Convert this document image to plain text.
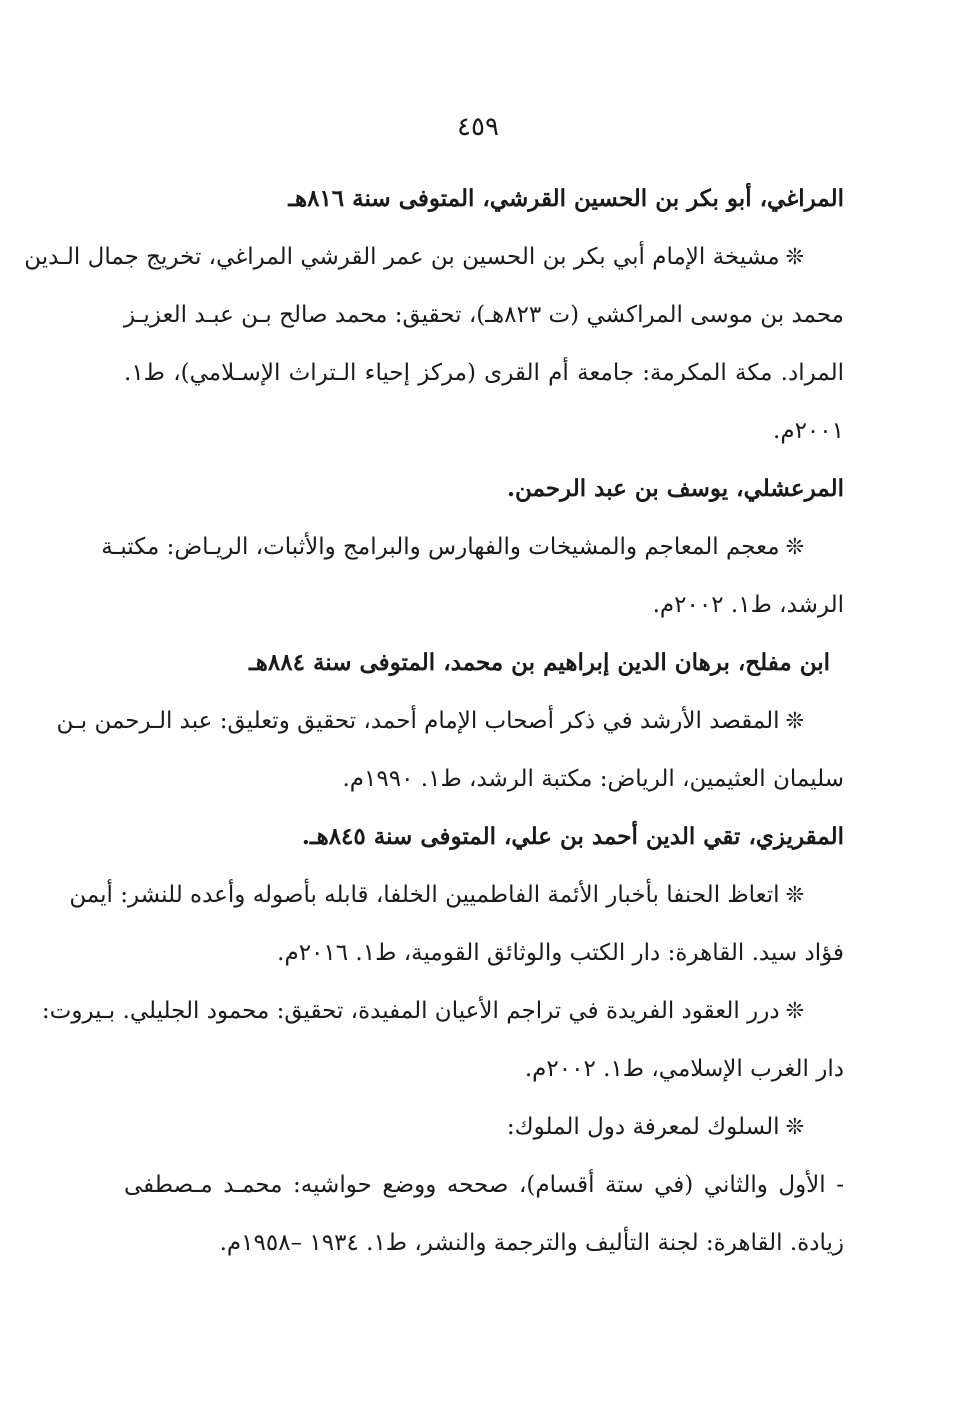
٤٥٩
المراغي، أبو بكر بن الحسين القرشي، المتوفى سنة ٨١٦هـ
❊مشيخة الإمام أبي بكر بن الحسين بن عمر القرشي المراغي، تخريج جمال الـدين
محمد بن موسى المراكشي (ت ٨٢٣هـ)، تحقيق: محمد صالح بـن عبـد العزيـز
المراد. مكة المكرمة: جامعة أم القرى (مركز إحياء الـتراث الإسـلامي)، ط١.
٢٠٠١م.
المرعشلي، يوسف بن عبد الرحمن.
❊معجم المعاجم والمشيخات والفهارس والبرامج والأثبات، الريـاض: مكتبـة
الرشد، ط١. ٢٠٠٢م.
ابن مفلح، برهان الدين إبراهيم بن محمد، المتوفى سنة ٨٨٤هـ
❊المقصد الأرشد في ذكر أصحاب الإمام أحمد، تحقيق وتعليق: عبد الـرحمن بـن
سليمان العثيمين، الرياض: مكتبة الرشد، ط١. ١٩٩٠م.
المقريزي، تقي الدين أحمد بن علي، المتوفى سنة ٨٤٥هـ.
❊اتعاظ الحنفا بأخبار الأئمة الفاطميين الخلفا، قابله بأصوله وأعده للنشر: أيمن
فؤاد سيد. القاهرة: دار الكتب والوثائق القومية، ط١. ٢٠١٦م.
❊درر العقود الفريدة في تراجم الأعيان المفيدة، تحقيق: محمود الجليلي. بـيروت:
دار الغرب الإسلامي، ط١. ٢٠٠٢م.
❊السلوك لمعرفة دول الملوك:
- الأول والثاني (في ستة أقسام)، صححه ووضع حواشيه: محمـد مـصطفى
زيادة. القاهرة: لجنة التأليف والترجمة والنشر، ط١. ١٩٣٤ –١٩٥٨م.
